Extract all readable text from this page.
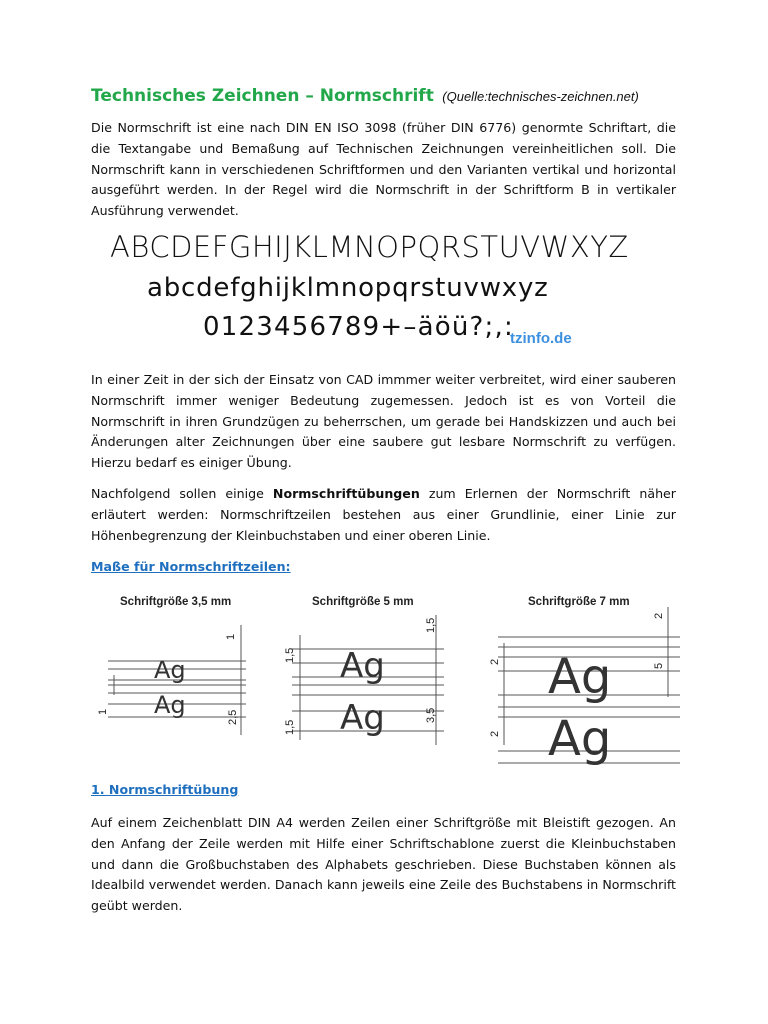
Technisches Zeichnen – Normschrift (Quelle:technisches-zeichnen.net)
Die Normschrift ist eine nach DIN EN ISO 3098 (früher DIN 6776) genormte Schriftart, die die Textangabe und Bemaßung auf Technischen Zeichnungen vereinheitlichen soll. Die Normschrift kann in verschiedenen Schriftformen und den Varianten vertikal und horizontal ausgeführt werden. In der Regel wird die Normschrift in der Schriftform B in vertikaler Ausführung verwendet.
ABCDEFGHIJKLMNOPQRSTUVWXYZ
abcdefghijklmnopqrstuvwxyz
0123456789+–äöü?;,:
tzinfo.de
In einer Zeit in der sich der Einsatz von CAD immmer weiter verbreitet, wird einer sauberen Normschrift immer weniger Bedeutung zugemessen. Jedoch ist es von Vorteil die Normschrift in ihren Grundzügen zu beherrschen, um gerade bei Handskizzen und auch bei Änderungen alter Zeichnungen über eine saubere gut lesbare Normschrift zu verfügen. Hierzu bedarf es einiger Übung.
Nachfolgend sollen einige Normschriftübungen zum Erlernen der Normschrift näher erläutert werden: Normschriftzeilen bestehen aus einer Grundlinie, einer Linie zur Höhenbegrenzung der Kleinbuchstaben und einer oberen Linie.
Maße für Normschriftzeilen:
Schriftgröße 3,5 mm
Ag
Ag
1
1	2,5
Schriftgröße 5 mm
Ag
Ag
1,5
1,5
1,5
3,5
Schriftgröße 7 mm
Ag
Ag
2
2
5
2
1. Normschriftübung
Auf einem Zeichenblatt DIN A4 werden Zeilen einer Schriftgröße mit Bleistift gezogen. An den Anfang der Zeile werden mit Hilfe einer Schriftschablone zuerst die Kleinbuchstaben und dann die Großbuchstaben des Alphabets geschrieben. Diese Buchstaben können als Idealbild verwendet werden. Danach kann jeweils eine Zeile des Buchstabens in Normschrift geübt werden.
